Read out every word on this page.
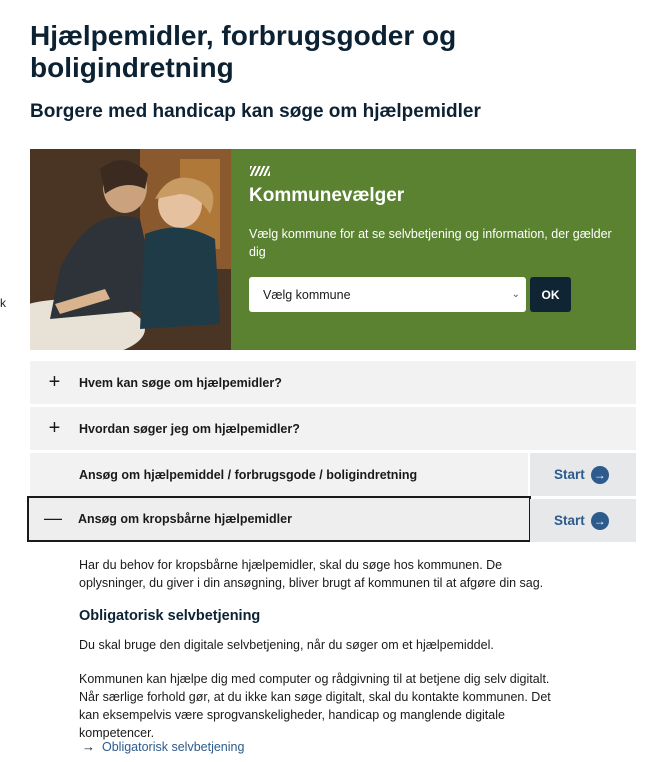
k
Hjælpemidler, forbrugsgoder og boligindretning
Borgere med handicap kan søge om hjælpemidler
Kommunevælger

Vælg kommune for at se selvbetjening og information, der gælder dig

Vælg kommune	⌄	OK
+	Hvem kan søge om hjælpemidler?
+	Hvordan søger jeg om hjælpemidler?
Ansøg om hjælpemiddel / forbrugsgode / boligindretning	Start →
—	Ansøg om kropsbårne hjælpemidler	Start →

Har du behov for kropsbårne hjælpemidler, skal du søge hos kommunen. De oplysninger, du giver i din ansøgning, bliver brugt af kommunen til at afgøre din sag.

Obligatorisk selvbetjening

Du skal bruge den digitale selvbetjening, når du søger om et hjælpemiddel.

Kommunen kan hjælpe dig med computer og rådgivning til at betjene dig selv digitalt. Når særlige forhold gør, at du ikke kan søge digitalt, skal du kontakte kommunen. Det kan eksempelvis være sprogvanskeligheder, handicap og manglende digitale kompetencer.

→ Obligatorisk selvbetjening
